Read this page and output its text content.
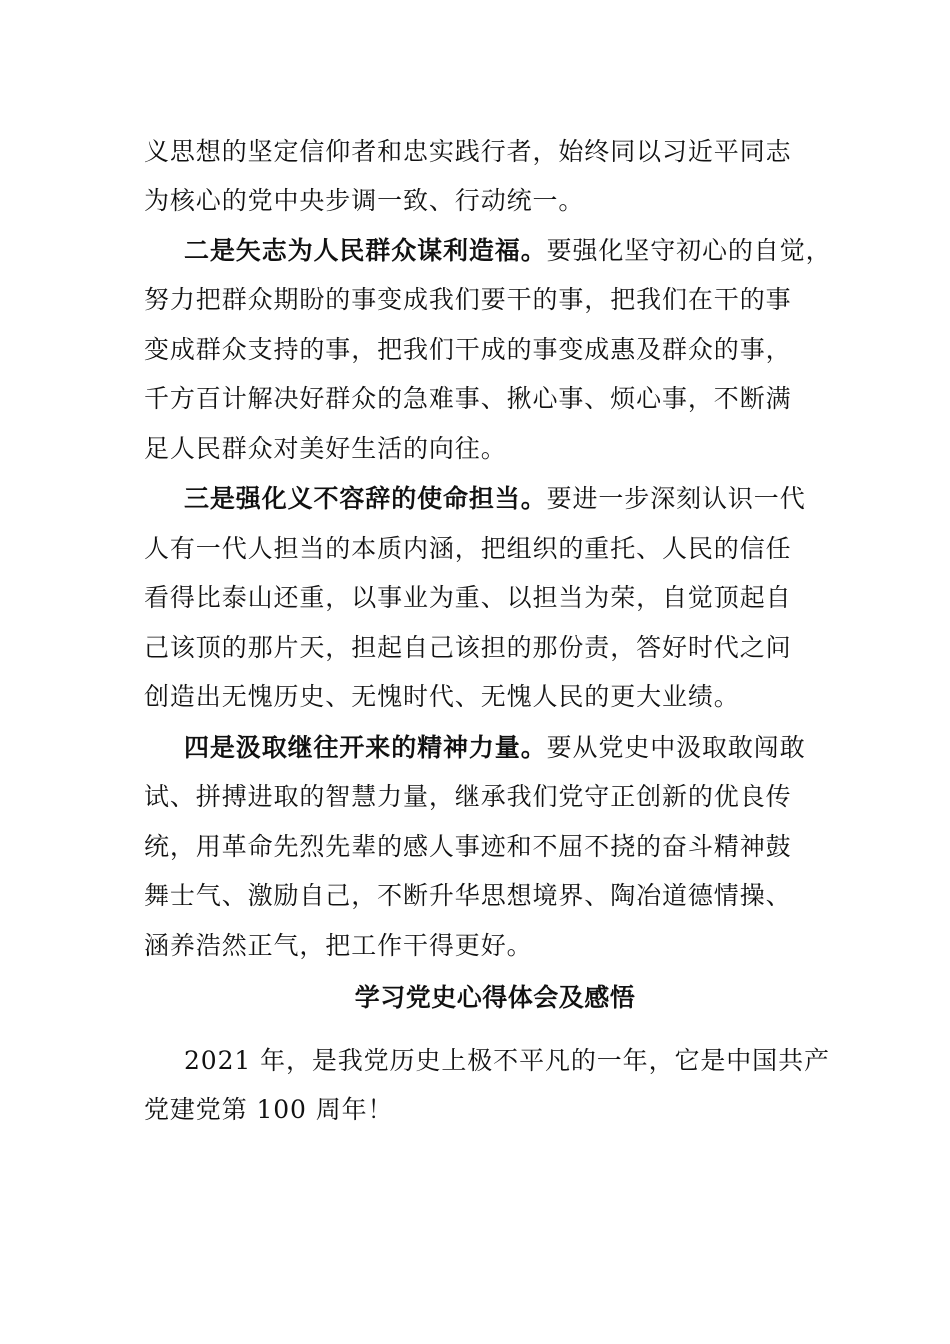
义思想的坚定信仰者和忠实践行者，始终同以习近平同志
为核心的党中央步调一致、行动统一。
二是矢志为人民群众谋利造福。要强化坚守初心的自觉，
努力把群众期盼的事变成我们要干的事，把我们在干的事
变成群众支持的事，把我们干成的事变成惠及群众的事，
千方百计解决好群众的急难事、揪心事、烦心事，不断满
足人民群众对美好生活的向往。
三是强化义不容辞的使命担当。要进一步深刻认识一代
人有一代人担当的本质内涵，把组织的重托、人民的信任
看得比泰山还重，以事业为重、以担当为荣，自觉顶起自
己该顶的那片天，担起自己该担的那份责，答好时代之问
创造出无愧历史、无愧时代、无愧人民的更大业绩。
四是汲取继往开来的精神力量。要从党史中汲取敢闯敢
试、拼搏进取的智慧力量，继承我们党守正创新的优良传
统，用革命先烈先辈的感人事迹和不屈不挠的奋斗精神鼓
舞士气、激励自己，不断升华思想境界、陶冶道德情操、
涵养浩然正气，把工作干得更好。
学习党史心得体会及感悟
2021 年，是我党历史上极不平凡的一年，它是中国共产
党建党第 100 周年！
